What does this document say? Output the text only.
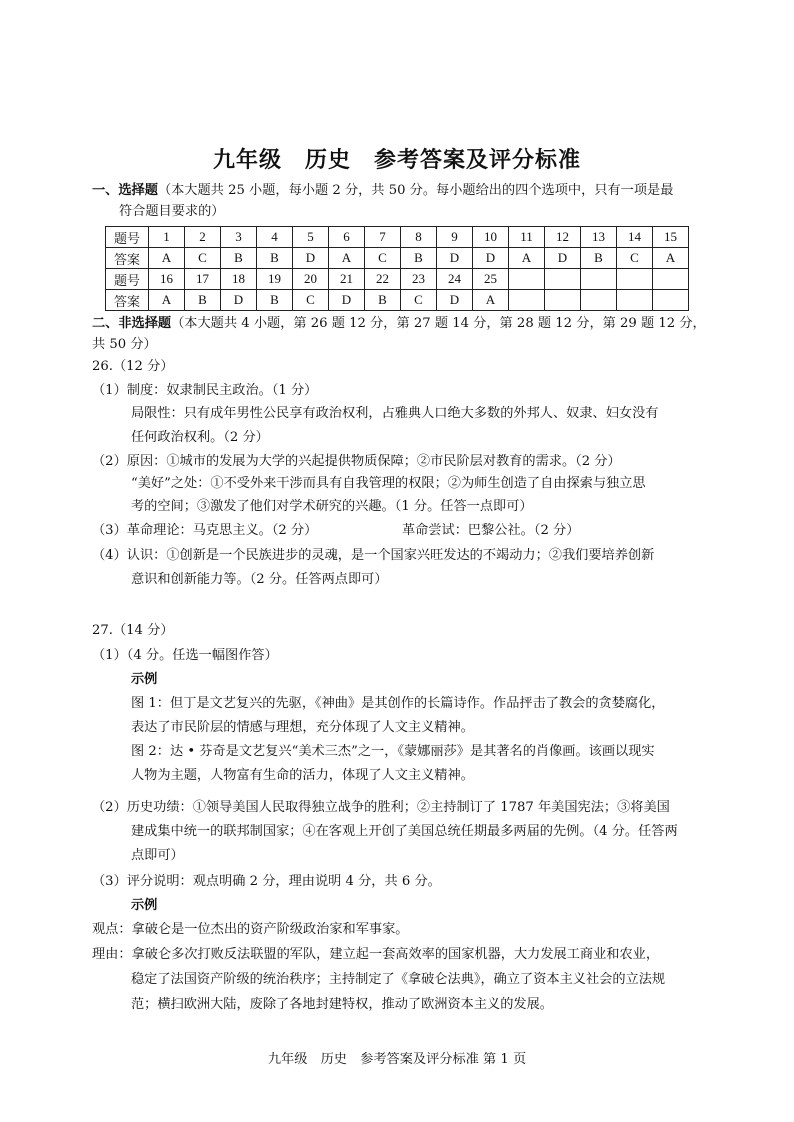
九年级　历史　参考答案及评分标准
一、选择题（本大题共 25 小题，每小题 2 分，共 50 分。每小题给出的四个选项中，只有一项是最
符合题目要求的）
题号	1	2	3	4	5	6	7	8	9	10	11	12	13	14	15
答案	A	C	B	B	D	A	C	B	D	D	A	D	B	C	A
题号	16	17	18	19	20	21	22	23	24	25					
答案	A	B	D	B	C	D	B	C	D	A					
二、非选择题（本大题共 4 小题，第 26 题 12 分，第 27 题 14 分，第 28 题 12 分，第 29 题 12 分，
共 50 分）
26.（12 分）
（1）制度：奴隶制民主政治。（1 分）
局限性：只有成年男性公民享有政治权利，占雅典人口绝大多数的外邦人、奴隶、妇女没有
任何政治权利。（2 分）
（2）原因：①城市的发展为大学的兴起提供物质保障；②市民阶层对教育的需求。（2 分）
“美好”之处：①不受外来干涉而具有自我管理的权限；②为师生创造了自由探索与独立思
考的空间；③激发了他们对学术研究的兴趣。（1 分。任答一点即可）
（3）革命理论：马克思主义。（2 分）	革命尝试：巴黎公社。（2 分）
（4）认识：①创新是一个民族进步的灵魂，是一个国家兴旺发达的不竭动力；②我们要培养创新
意识和创新能力等。（2 分。任答两点即可）
27.（14 分）
（1）（4 分。任选一幅图作答）
示例
图 1：但丁是文艺复兴的先驱，《神曲》是其创作的长篇诗作。作品抨击了教会的贪婪腐化，
表达了市民阶层的情感与理想，充分体现了人文主义精神。
图 2：达 • 芬奇是文艺复兴“美术三杰”之一，《蒙娜丽莎》是其著名的肖像画。该画以现实
人物为主题，人物富有生命的活力，体现了人文主义精神。
（2）历史功绩：①领导美国人民取得独立战争的胜利；②主持制订了 1787 年美国宪法；③将美国
建成集中统一的联邦制国家；④在客观上开创了美国总统任期最多两届的先例。（4 分。任答两
点即可）
（3）评分说明：观点明确 2 分，理由说明 4 分，共 6 分。
示例
观点：拿破仑是一位杰出的资产阶级政治家和军事家。
理由：拿破仑多次打败反法联盟的军队，建立起一套高效率的国家机器，大力发展工商业和农业，
稳定了法国资产阶级的统治秩序；主持制定了《拿破仑法典》，确立了资本主义社会的立法规
范；横扫欧洲大陆，废除了各地封建特权，推动了欧洲资本主义的发展。
九年级　历史　参考答案及评分标准 第 1 页
